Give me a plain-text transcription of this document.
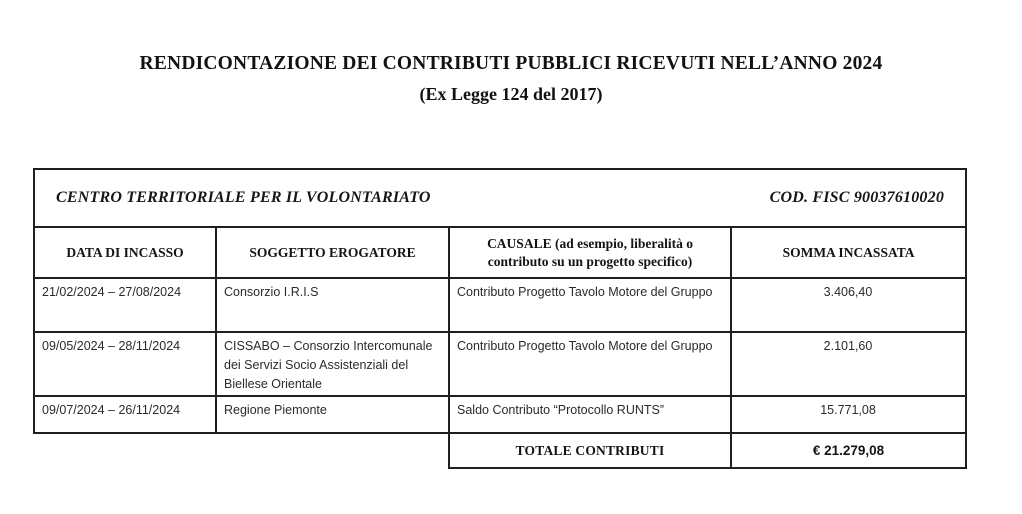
RENDICONTAZIONE DEI CONTRIBUTI PUBBLICI RICEVUTI NELL’ANNO 2024
(Ex Legge 124 del 2017)
CENTRO TERRITORIALE PER IL VOLONTARIATO COD. FISC 90037610020			

DATA DI INCASSO	SOGGETTO EROGATORE	CAUSALE (ad esempio, liberalità o contributo su un progetto specifico)	SOMMA INCASSATA
21/02/2024 – 27/08/2024	Consorzio I.R.I.S	Contributo Progetto Tavolo Motore del Gruppo	3.406,40
09/05/2024 – 28/11/2024	CISSABO – Consorzio Intercomunale dei Servizi Socio Assistenziali del Biellese Orientale	Contributo Progetto Tavolo Motore del Gruppo	2.101,60
09/07/2024 – 26/11/2024	Regione Piemonte	Saldo Contributo “Protocollo RUNTS”	15.771,08
		TOTALE CONTRIBUTI	€ 21.279,08
